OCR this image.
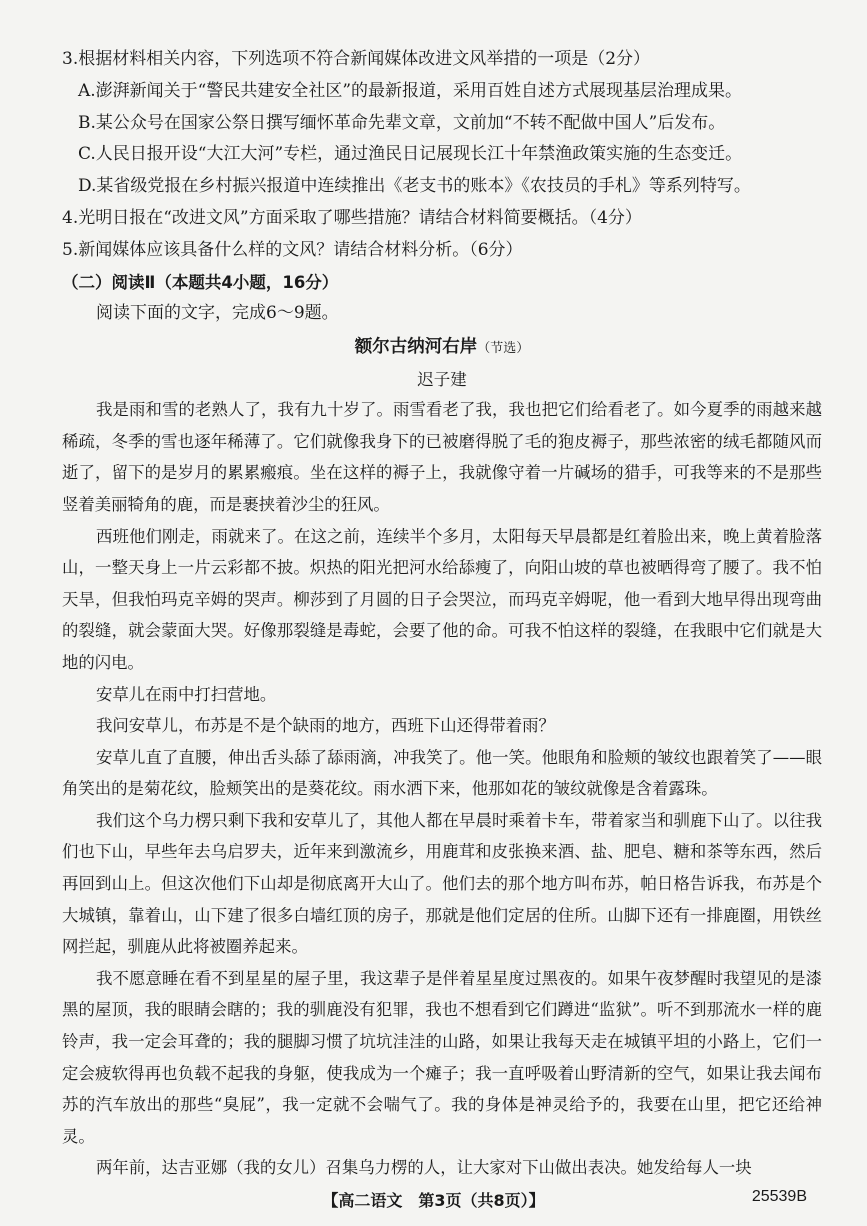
3.根据材料相关内容，下列选项不符合新闻媒体改进文风举措的一项是（2分）
A.澎湃新闻关于“警民共建安全社区”的最新报道，采用百姓自述方式展现基层治理成果。
B.某公众号在国家公祭日撰写缅怀革命先辈文章，文前加“不转不配做中国人”后发布。
C.人民日报开设“大江大河”专栏，通过渔民日记展现长江十年禁渔政策实施的生态变迁。
D.某省级党报在乡村振兴报道中连续推出《老支书的账本》《农技员的手札》等系列特写。
4.光明日报在“改进文风”方面采取了哪些措施？请结合材料简要概括。（4分）
5.新闻媒体应该具备什么样的文风？请结合材料分析。（6分）
（二）阅读Ⅱ（本题共4小题，16分）
阅读下面的文字，完成6～9题。
额尔古纳河右岸（节选）
迟子建
我是雨和雪的老熟人了，我有九十岁了。雨雪看老了我，我也把它们给看老了。如今夏季的雨越来越稀疏，冬季的雪也逐年稀薄了。它们就像我身下的已被磨得脱了毛的狍皮褥子，那些浓密的绒毛都随风而逝了，留下的是岁月的累累瘢痕。坐在这样的褥子上，我就像守着一片碱场的猎手，可我等来的不是那些竖着美丽犄角的鹿，而是裹挟着沙尘的狂风。
西班他们刚走，雨就来了。在这之前，连续半个多月，太阳每天早晨都是红着脸出来，晚上黄着脸落山，一整天身上一片云彩都不披。炽热的阳光把河水给舔瘦了，向阳山坡的草也被晒得弯了腰了。我不怕天旱，但我怕玛克辛姆的哭声。柳莎到了月圆的日子会哭泣，而玛克辛姆呢，他一看到大地早得出现弯曲的裂缝，就会蒙面大哭。好像那裂缝是毒蛇，会要了他的命。可我不怕这样的裂缝，在我眼中它们就是大地的闪电。
安草儿在雨中打扫营地。
我问安草儿，布苏是不是个缺雨的地方，西班下山还得带着雨？
安草儿直了直腰，伸出舌头舔了舔雨滴，冲我笑了。他一笑。他眼角和脸颊的皱纹也跟着笑了——眼角笑出的是菊花纹，脸颊笑出的是葵花纹。雨水洒下来，他那如花的皱纹就像是含着露珠。
我们这个乌力楞只剩下我和安草儿了，其他人都在早晨时乘着卡车，带着家当和驯鹿下山了。以往我们也下山，早些年去乌启罗夫，近年来到激流乡，用鹿茸和皮张换来酒、盐、肥皂、糖和茶等东西，然后再回到山上。但这次他们下山却是彻底离开大山了。他们去的那个地方叫布苏，帕日格告诉我，布苏是个大城镇，靠着山，山下建了很多白墙红顶的房子，那就是他们定居的住所。山脚下还有一排鹿圈，用铁丝网拦起，驯鹿从此将被圈养起来。
我不愿意睡在看不到星星的屋子里，我这辈子是伴着星星度过黑夜的。如果午夜梦醒时我望见的是漆黑的屋顶，我的眼睛会瞎的；我的驯鹿没有犯罪，我也不想看到它们蹲进“监狱”。听不到那流水一样的鹿铃声，我一定会耳聋的；我的腿脚习惯了坑坑洼洼的山路，如果让我每天走在城镇平坦的小路上，它们一定会疲软得再也负载不起我的身躯，使我成为一个瘫子；我一直呼吸着山野清新的空气，如果让我去闻布苏的汽车放出的那些“臭屁”，我一定就不会喘气了。我的身体是神灵给予的，我要在山里，把它还给神灵。
两年前，达吉亚娜（我的女儿）召集乌力楞的人，让大家对下山做出表决。她发给每人一块
【高二语文　第3页（共8页）】	25539B
